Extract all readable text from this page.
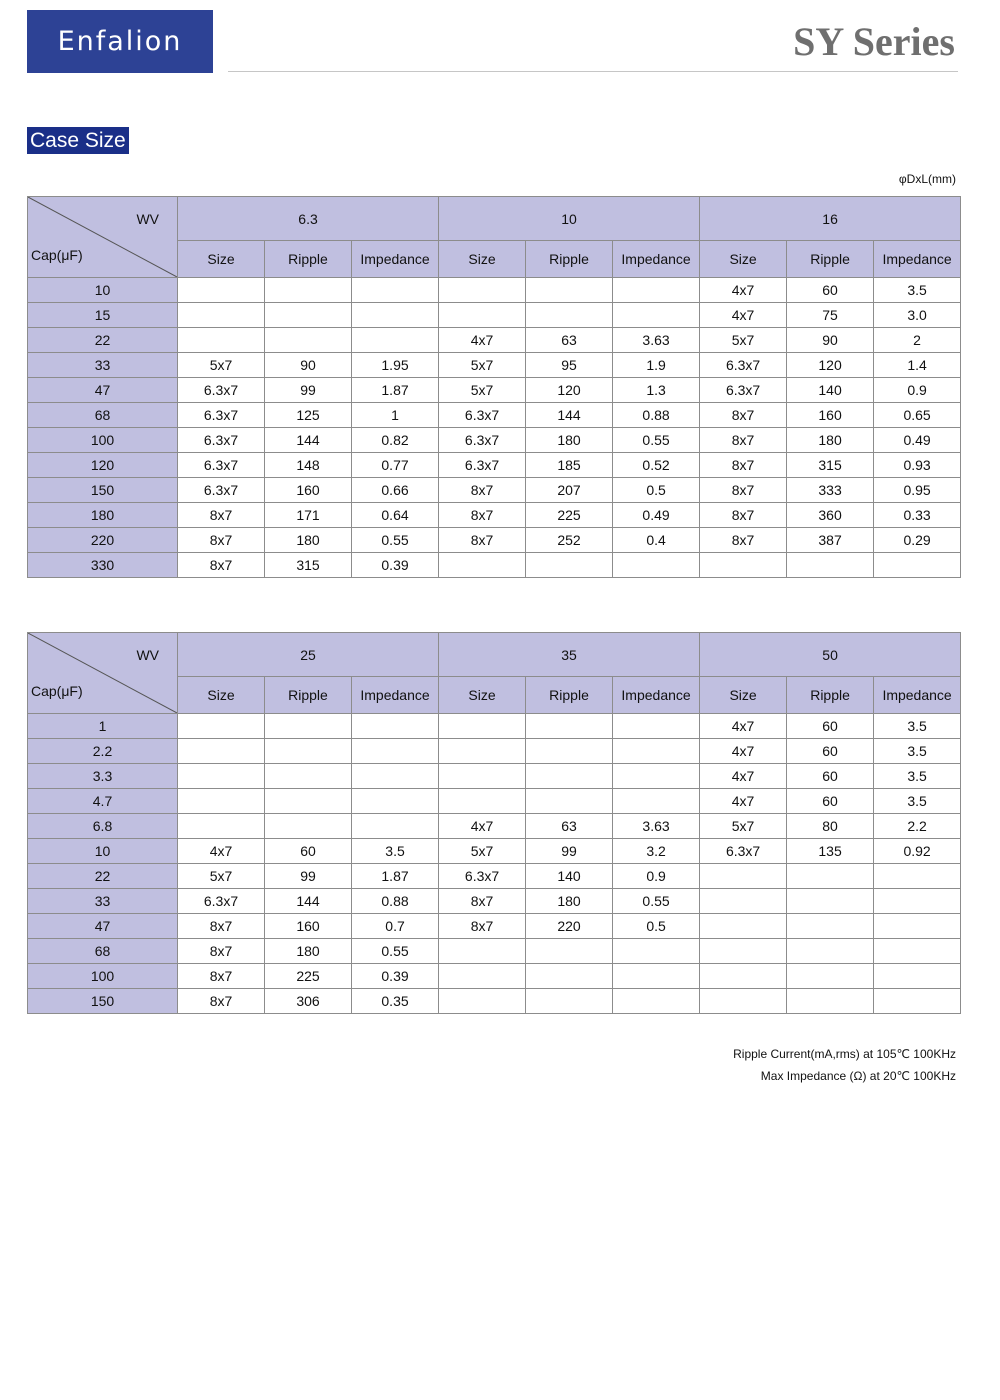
Enfalion	SY Series
Case Size
φDxL(mm)
WV
Cap(μF)	6.3			10			16		
	Size	Ripple	Impedance	Size	Ripple	Impedance	Size	Ripple	Impedance
10							4x7	60	3.5
15							4x7	75	3.0
22				4x7	63	3.63	5x7	90	2
33	5x7	90	1.95	5x7	95	1.9	6.3x7	120	1.4
47	6.3x7	99	1.87	5x7	120	1.3	6.3x7	140	0.9
68	6.3x7	125	1	6.3x7	144	0.88	8x7	160	0.65
100	6.3x7	144	0.82	6.3x7	180	0.55	8x7	180	0.49
120	6.3x7	148	0.77	6.3x7	185	0.52	8x7	315	0.93
150	6.3x7	160	0.66	8x7	207	0.5	8x7	333	0.95
180	8x7	171	0.64	8x7	225	0.49	8x7	360	0.33
220	8x7	180	0.55	8x7	252	0.4	8x7	387	0.29
330	8x7	315	0.39						
WV
Cap(μF)	25			35			50		
	Size	Ripple	Impedance	Size	Ripple	Impedance	Size	Ripple	Impedance
1							4x7	60	3.5
2.2							4x7	60	3.5
3.3							4x7	60	3.5
4.7							4x7	60	3.5
6.8				4x7	63	3.63	5x7	80	2.2
10	4x7	60	3.5	5x7	99	3.2	6.3x7	135	0.92
22	5x7	99	1.87	6.3x7	140	0.9			
33	6.3x7	144	0.88	8x7	180	0.55			
47	8x7	160	0.7	8x7	220	0.5			
68	8x7	180	0.55						
100	8x7	225	0.39						
150	8x7	306	0.35						
Ripple Current(mA,rms) at 105℃ 100KHz
Max Impedance (Ω) at 20℃ 100KHz
